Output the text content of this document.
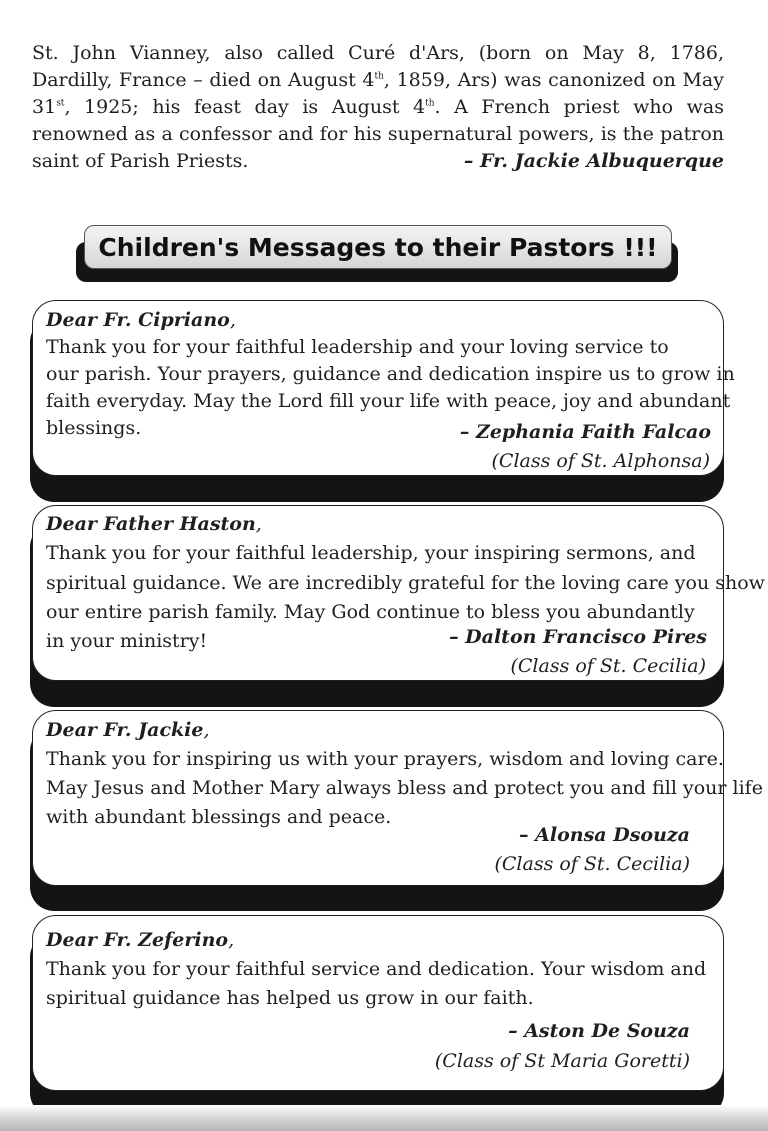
St. John Vianney, also called Curé d'Ars, (born on May 8, 1786, Dardilly, France – died on August 4th, 1859, Ars) was canonized on May 31st, 1925; his feast day is August 4th. A French priest who was renowned as a confessor and for his supernatural powers, is the patron saint of Parish Priests.	– Fr. Jackie Albuquerque
Children's Messages to their Pastors !!!
Dear Fr. Cipriano,
Thank you for your faithful leadership and your loving service to
our parish. Your prayers, guidance and dedication inspire us to grow in
faith everyday. May the Lord fill your life with peace, joy and abundant
blessings.	– Zephania Faith Falcao
(Class of St. Alphonsa)
Dear Father Haston,
Thank you for your faithful leadership, your inspiring sermons, and
spiritual guidance. We are incredibly grateful for the loving care you show
our entire parish family. May God continue to bless you abundantly
in your ministry!	– Dalton Francisco Pires
(Class of St. Cecilia)
Dear Fr. Jackie,
Thank you for inspiring us with your prayers, wisdom and loving care.
May Jesus and Mother Mary always bless and protect you and fill your life
with abundant blessings and peace.
– Alonsa Dsouza
(Class of St. Cecilia)
Dear Fr. Zeferino,
Thank you for your faithful service and dedication. Your wisdom and
spiritual guidance has helped us grow in our faith.
– Aston De Souza
(Class of St Maria Goretti)
